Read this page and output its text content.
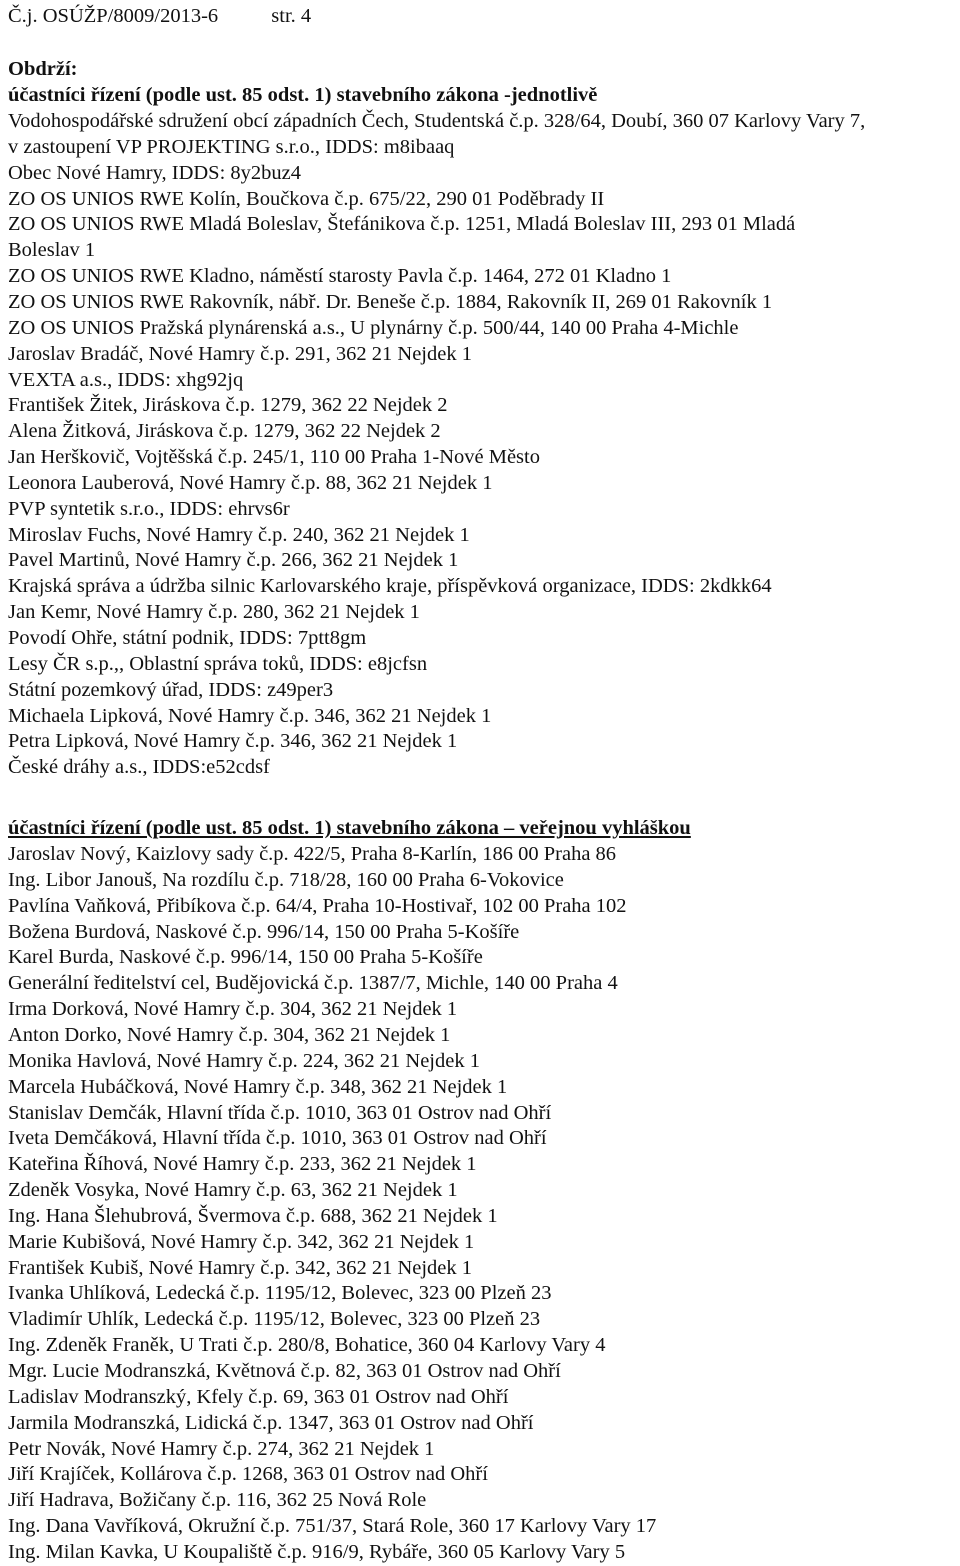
Č.j. OSÚŽP/8009/2013-6	str. 4
Obdrží:
účastníci řízení (podle ust. 85 odst. 1) stavebního zákona -jednotlivě
Vodohospodářské sdružení obcí západních Čech, Studentská č.p. 328/64, Doubí, 360 07 Karlovy Vary 7,
v zastoupení VP PROJEKTING s.r.o., IDDS: m8ibaaq
Obec Nové Hamry, IDDS: 8y2buz4
ZO OS UNIOS RWE Kolín, Boučkova č.p. 675/22, 290 01 Poděbrady II
ZO OS UNIOS RWE Mladá Boleslav, Štefánikova č.p. 1251, Mladá Boleslav III, 293 01 Mladá
Boleslav 1
ZO OS UNIOS RWE Kladno, náměstí starosty Pavla č.p. 1464, 272 01 Kladno 1
ZO OS UNIOS RWE Rakovník, nábř. Dr. Beneše č.p. 1884, Rakovník II, 269 01 Rakovník 1
ZO OS UNIOS Pražská plynárenská a.s., U plynárny č.p. 500/44, 140 00 Praha 4-Michle
Jaroslav Bradáč, Nové Hamry č.p. 291, 362 21 Nejdek 1
VEXTA a.s., IDDS: xhg92jq
František Žitek, Jiráskova č.p. 1279, 362 22 Nejdek 2
Alena Žitková, Jiráskova č.p. 1279, 362 22 Nejdek 2
Jan Herškovič, Vojtěšská č.p. 245/1, 110 00 Praha 1-Nové Město
Leonora Lauberová, Nové Hamry č.p. 88, 362 21 Nejdek 1
PVP syntetik s.r.o., IDDS: ehrvs6r
Miroslav Fuchs, Nové Hamry č.p. 240, 362 21 Nejdek 1
Pavel Martinů, Nové Hamry č.p. 266, 362 21 Nejdek 1
Krajská správa a údržba silnic Karlovarského kraje, příspěvková organizace, IDDS: 2kdkk64
Jan Kemr, Nové Hamry č.p. 280, 362 21 Nejdek 1
Povodí Ohře, státní podnik, IDDS: 7ptt8gm
Lesy ČR s.p.,, Oblastní správa toků, IDDS: e8jcfsn
Státní pozemkový úřad, IDDS: z49per3
Michaela Lipková, Nové Hamry č.p. 346, 362 21 Nejdek 1
Petra Lipková, Nové Hamry č.p. 346, 362 21 Nejdek 1
České dráhy a.s., IDDS:e52cdsf
účastníci řízení (podle ust. 85 odst. 1) stavebního zákona – veřejnou vyhláškou
Jaroslav Nový, Kaizlovy sady č.p. 422/5, Praha 8-Karlín, 186 00 Praha 86
Ing. Libor Janouš, Na rozdílu č.p. 718/28, 160 00 Praha 6-Vokovice
Pavlína Vaňková, Přibíkova č.p. 64/4, Praha 10-Hostivař, 102 00 Praha 102
Božena Burdová, Naskové č.p. 996/14, 150 00 Praha 5-Košíře
Karel Burda, Naskové č.p. 996/14, 150 00 Praha 5-Košíře
Generální ředitelství cel, Budějovická č.p. 1387/7, Michle, 140 00 Praha 4
Irma Dorková, Nové Hamry č.p. 304, 362 21 Nejdek 1
Anton Dorko, Nové Hamry č.p. 304, 362 21 Nejdek 1
Monika Havlová, Nové Hamry č.p. 224, 362 21 Nejdek 1
Marcela Hubáčková, Nové Hamry č.p. 348, 362 21 Nejdek 1
Stanislav Demčák, Hlavní třída č.p. 1010, 363 01 Ostrov nad Ohří
Iveta Demčáková, Hlavní třída č.p. 1010, 363 01 Ostrov nad Ohří
Kateřina Říhová, Nové Hamry č.p. 233, 362 21 Nejdek 1
Zdeněk Vosyka, Nové Hamry č.p. 63, 362 21 Nejdek 1
Ing. Hana Šlehubrová, Švermova č.p. 688, 362 21 Nejdek 1
Marie Kubišová, Nové Hamry č.p. 342, 362 21 Nejdek 1
František Kubiš, Nové Hamry č.p. 342, 362 21 Nejdek 1
Ivanka Uhlíková, Ledecká č.p. 1195/12, Bolevec, 323 00 Plzeň 23
Vladimír Uhlík, Ledecká č.p. 1195/12, Bolevec, 323 00 Plzeň 23
Ing. Zdeněk Franěk, U Trati č.p. 280/8, Bohatice, 360 04 Karlovy Vary 4
Mgr. Lucie Modranszká, Květnová č.p. 82, 363 01 Ostrov nad Ohří
Ladislav Modranszký, Kfely č.p. 69, 363 01 Ostrov nad Ohří
Jarmila Modranszká, Lidická č.p. 1347, 363 01 Ostrov nad Ohří
Petr Novák, Nové Hamry č.p. 274, 362 21 Nejdek 1
Jiří Krajíček, Kollárova č.p. 1268, 363 01 Ostrov nad Ohří
Jiří Hadrava, Božičany č.p. 116, 362 25 Nová Role
Ing. Dana Vavříková, Okružní č.p. 751/37, Stará Role, 360 17 Karlovy Vary 17
Ing. Milan Kavka, U Koupaliště č.p. 916/9, Rybáře, 360 05 Karlovy Vary 5
